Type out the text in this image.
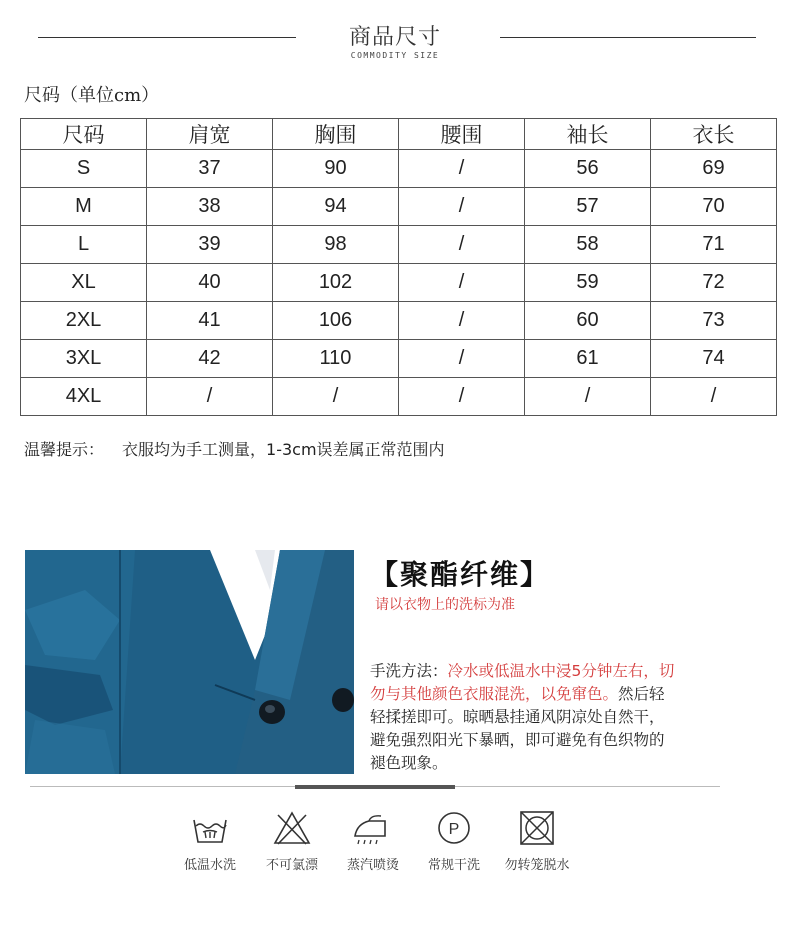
商品尺寸
COMMODITY SIZE
尺码（单位cm）
尺码	肩宽	胸围	腰围	袖长	衣长
S	37	90	/	56	69
M	38	94	/	57	70
L	39	98	/	58	71
XL	40	102	/	59	72
2XL	41	106	/	60	73
3XL	42	110	/	61	74
4XL	/	/	/	/	/
温馨提示： 衣服均为手工测量，1-3cm误差属正常范围内
【聚酯纤维】
请以衣物上的洗标为准
手洗方法：冷水或低温水中浸5分钟左右，切
勿与其他颜色衣服混洗，以免窜色。然后轻
轻揉搓即可。晾晒悬挂通风阴凉处自然干，
避免强烈阳光下暴晒，即可避免有色织物的
褪色现象。
低温水洗	不可氯漂	蒸汽喷烫
P
常规干洗	勿转笼脱水
